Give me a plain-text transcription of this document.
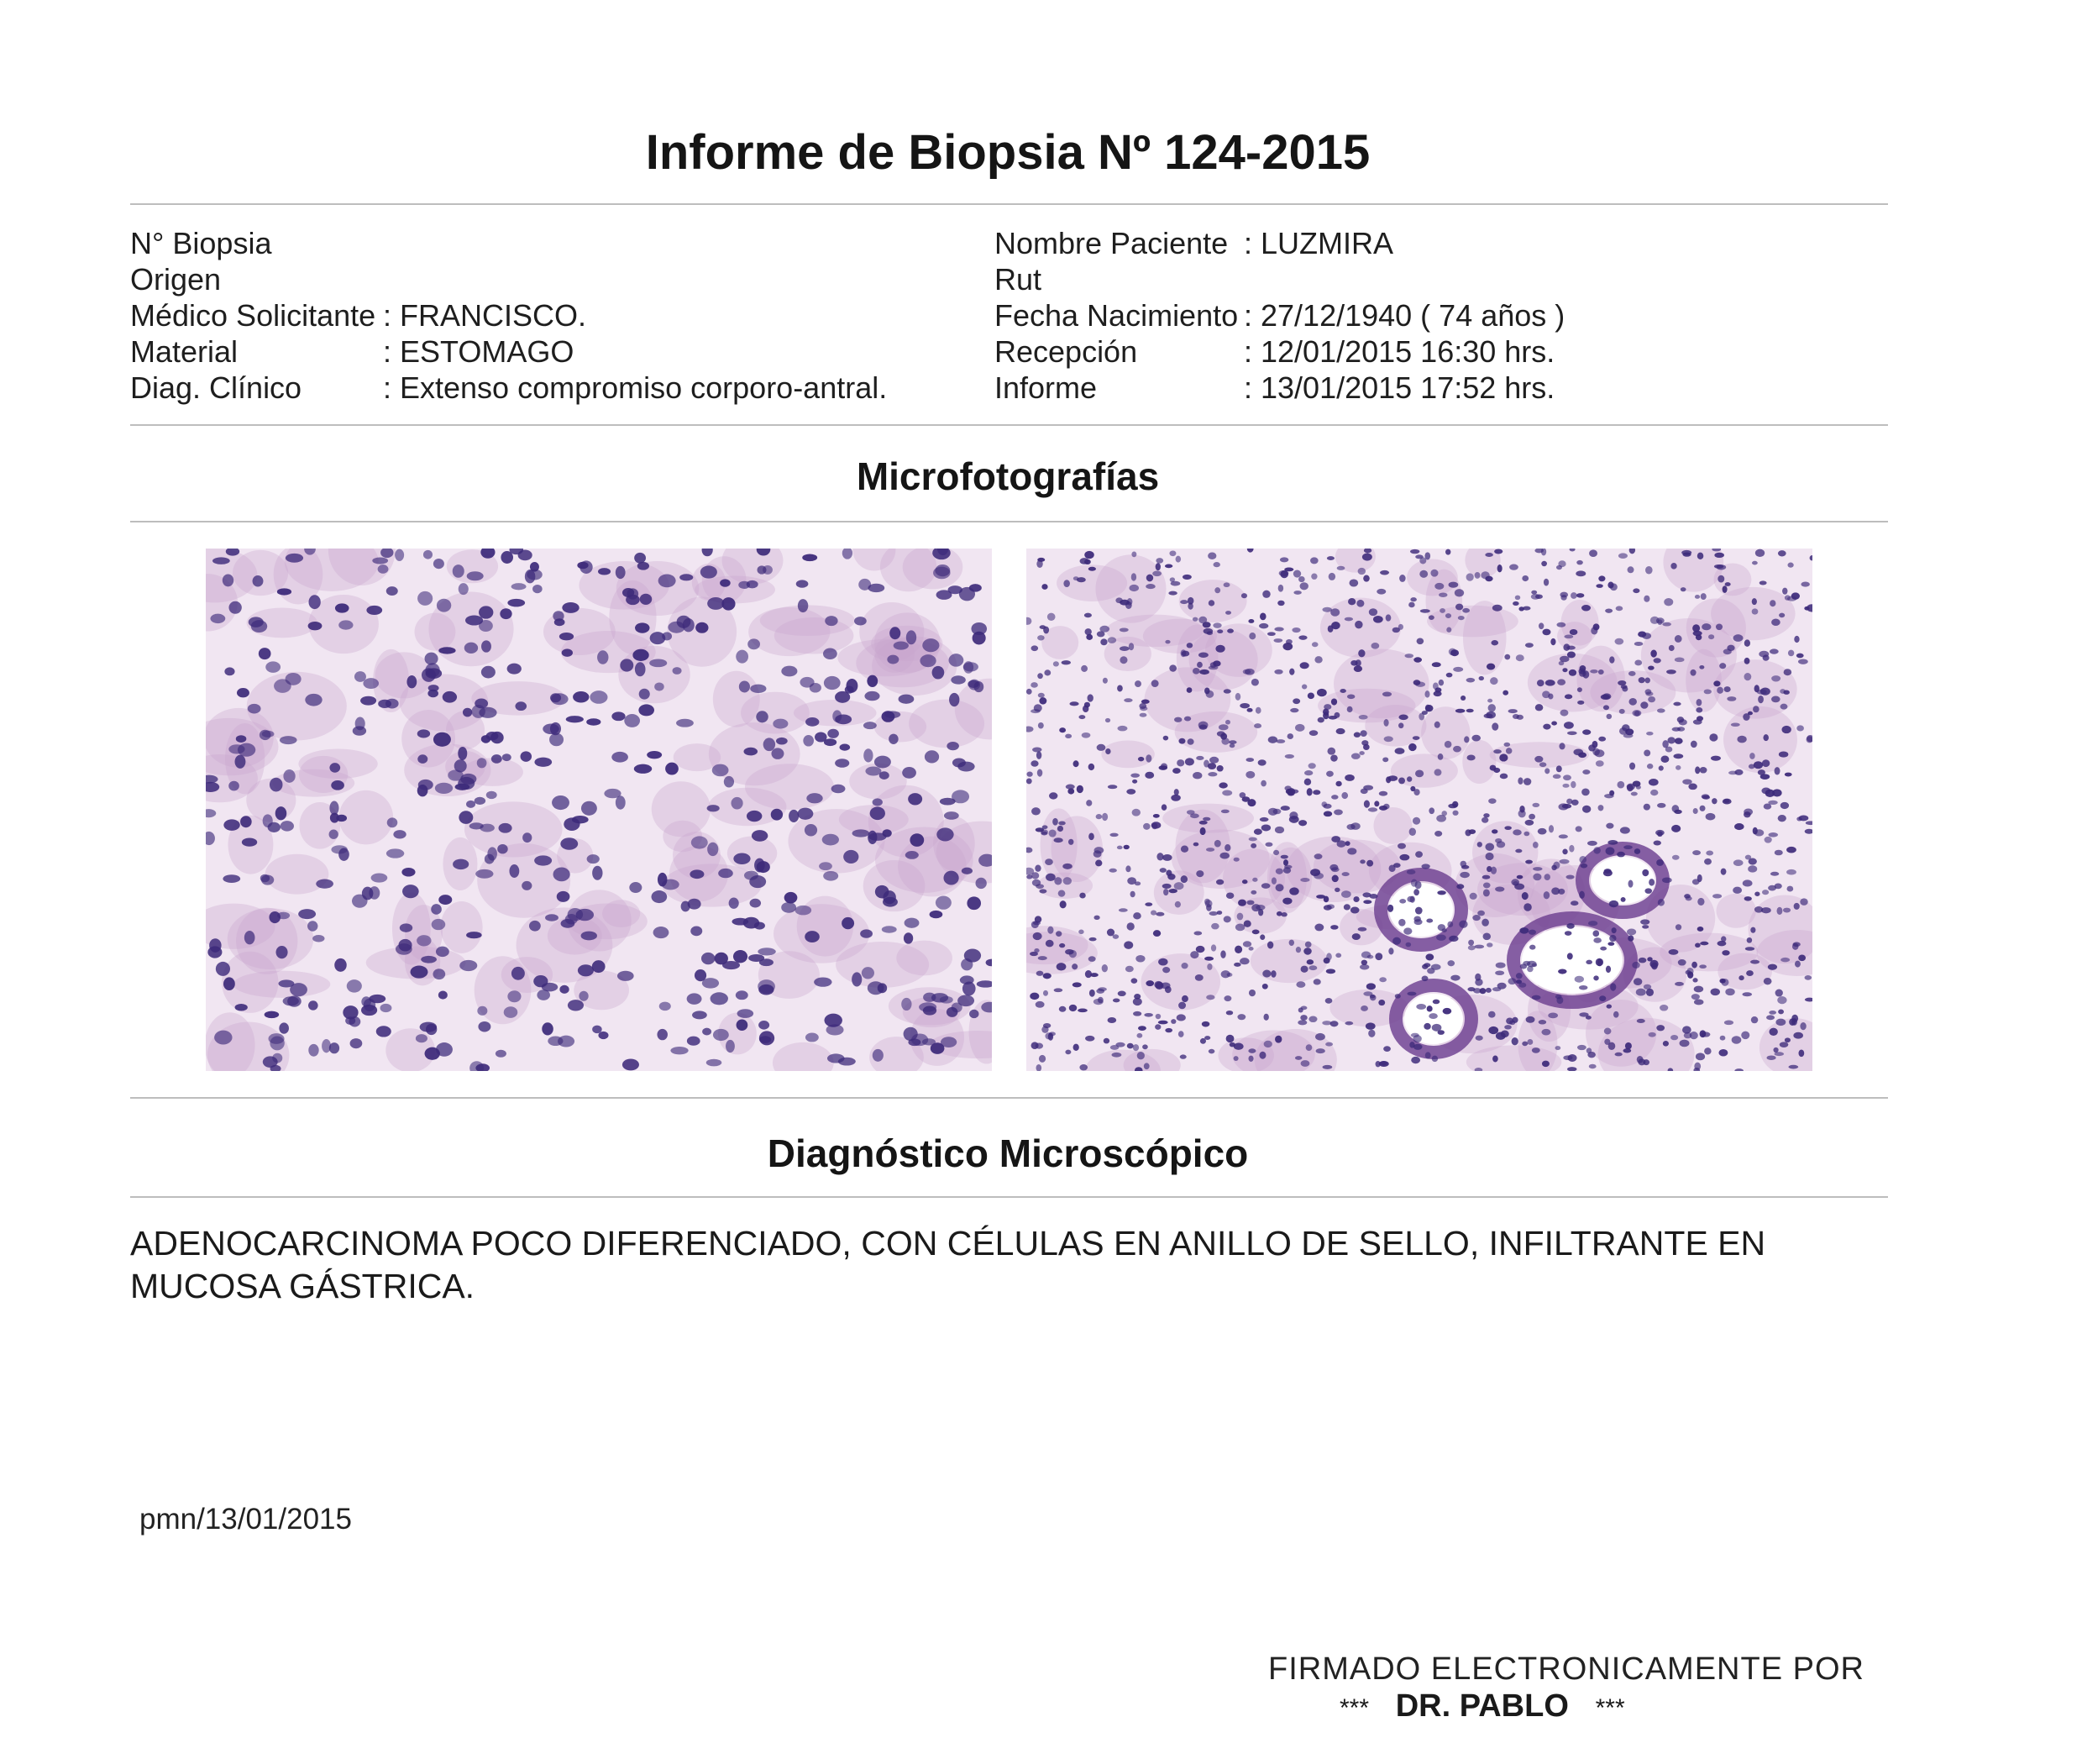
Informe de Biopsia Nº 124-2015
N° Biopsia
Origen
Médico Solicitante : FRANCISCO.
Material	: ESTOMAGO
Diag. Clínico	: Extenso compromiso corporo-antral.
Nombre Paciente : LUZMIRA
Rut
Fecha Nacimiento : 27/12/1940 ( 74 años )
Recepción	: 12/01/2015 16:30 hrs.
Informe	: 13/01/2015 17:52 hrs.
Microfotografías
Diagnóstico Microscópico
ADENOCARCINOMA POCO DIFERENCIADO, CON CÉLULAS EN ANILLO DE SELLO, INFILTRANTE EN MUCOSA GÁSTRICA.
pmn/13/01/2015
FIRMADO ELECTRONICAMENTE POR
*** DR. PABLO ***
